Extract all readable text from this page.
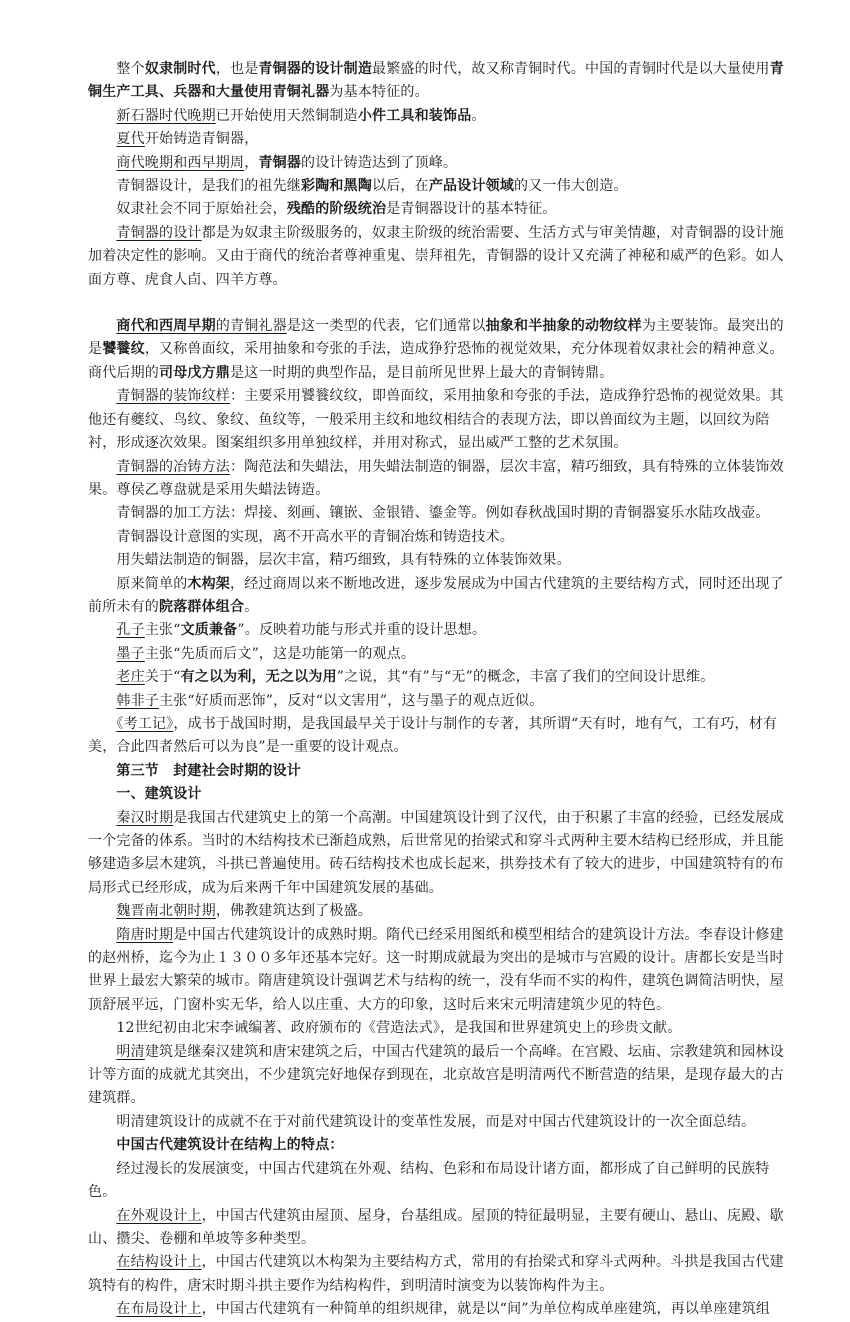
　　整个奴隶制时代，也是青铜器的设计制造最繁盛的时代，故又称青铜时代。中国的青铜时代是以大量使用青铜生产工具、兵器和大量使用青铜礼器为基本特征的。

　　新石器时代晚期已开始使用天然铜制造小件工具和装饰品。

　　夏代开始铸造青铜器，

　　商代晚期和西早期周，青铜器的设计铸造达到了顶峰。

　　青铜器设计，是我们的祖先继彩陶和黑陶以后，在产品设计领域的又一伟大创造。

　　奴隶社会不同于原始社会，残酷的阶级统治是青铜器设计的基本特征。

　　青铜器的设计都是为奴隶主阶级服务的，奴隶主阶级的统治需要、生活方式与审美情趣，对青铜器的设计施加着决定性的影响。又由于商代的统治者尊神重鬼、崇拜祖先，青铜器的设计又充满了神秘和威严的色彩。如人面方尊、虎食人卣、四羊方尊。

　　商代和西周早期的青铜礼器是这一类型的代表，它们通常以抽象和半抽象的动物纹样为主要装饰。最突出的是饕餮纹，又称兽面纹，采用抽象和夸张的手法，造成狰狞恐怖的视觉效果，充分体现着奴隶社会的精神意义。商代后期的司母戊方鼎是这一时期的典型作品，是目前所见世界上最大的青铜铸鼎。

　　青铜器的装饰纹样：主要采用饕餮纹纹，即兽面纹，采用抽象和夸张的手法，造成狰狞恐怖的视觉效果。其他还有夔纹、鸟纹、象纹、鱼纹等，一般采用主纹和地纹相结合的表现方法，即以兽面纹为主题，以回纹为陪衬，形成逐次效果。图案组织多用单独纹样，并用对称式，显出威严工整的艺术氛围。

　　青铜器的冶铸方法：陶范法和失蜡法，用失蜡法制造的铜器，层次丰富，精巧细致，具有特殊的立体装饰效果。尊侯乙尊盘就是采用失蜡法铸造。

　　青铜器的加工方法：焊接、刻画、镶嵌、金银错、鎏金等。例如春秋战国时期的青铜器宴乐水陆攻战壶。

　　青铜器设计意图的实现，离不开高水平的青铜冶炼和铸造技术。

　　用失蜡法制造的铜器，层次丰富，精巧细致，具有特殊的立体装饰效果。

　　原来简单的木构架，经过商周以来不断地改进，逐步发展成为中国古代建筑的主要结构方式，同时还出现了前所未有的院落群体组合。

　　孔子主张“文质兼备”。反映着功能与形式并重的设计思想。

　　墨子主张“先质而后文”，这是功能第一的观点。

　　老庄关于“有之以为利，无之以为用”之说，其“有”与“无”的概念，丰富了我们的空间设计思维。

　　韩非子主张“好质而恶饰”，反对“以文害用”，这与墨子的观点近似。

　　《考工记》，成书于战国时期，是我国最早关于设计与制作的专著，其所谓“天有时，地有气，工有巧，材有美，合此四者然后可以为良”是一重要的设计观点。

　　第三节　封建社会时期的设计

　　一、建筑设计

　　秦汉时期是我国古代建筑史上的第一个高潮。中国建筑设计到了汉代，由于积累了丰富的经验，已经发展成一个完备的体系。当时的木结构技术已渐趋成熟，后世常见的抬梁式和穿斗式两种主要木结构已经形成，并且能够建造多层木建筑，斗拱已普遍使用。砖石结构技术也成长起来，拱券技术有了较大的进步，中国建筑特有的布局形式已经形成，成为后来两千年中国建筑发展的基础。

　　魏晋南北朝时期，佛教建筑达到了极盛。

　　隋唐时期是中国古代建筑设计的成熟时期。隋代已经采用图纸和模型相结合的建筑设计方法。李春设计修建的赵州桥，迄今为止１３００多年还基本完好。这一时期成就最为突出的是城市与宫殿的设计。唐都长安是当时世界上最宏大繁荣的城市。隋唐建筑设计强调艺术与结构的统一，没有华而不实的构件，建筑色调简洁明快，屋顶舒展平远，门窗朴实无华，给人以庄重、大方的印象，这时后来宋元明清建筑少见的特色。

　　12世纪初由北宋李诫编著、政府颁布的《营造法式》，是我国和世界建筑史上的珍贵文献。

　　明清建筑是继秦汉建筑和唐宋建筑之后，中国古代建筑的最后一个高峰。在宫殿、坛庙、宗教建筑和园林设计等方面的成就尤其突出，不少建筑完好地保存到现在，北京故宫是明清两代不断营造的结果，是现存最大的古建筑群。

　　明清建筑设计的成就不在于对前代建筑设计的变革性发展，而是对中国古代建筑设计的一次全面总结。

　　中国古代建筑设计在结构上的特点：

　　经过漫长的发展演变，中国古代建筑在外观、结构、色彩和布局设计诸方面，都形成了自己鲜明的民族特色。

　　在外观设计上，中国古代建筑由屋顶、屋身，台基组成。屋顶的特征最明显，主要有硬山、悬山、庑殿、歇山、攒尖、卷棚和单坡等多种类型。

　　在结构设计上，中国古代建筑以木构架为主要结构方式，常用的有抬梁式和穿斗式两种。斗拱是我国古代建筑特有的构件，唐宋时期斗拱主要作为结构构件，到明清时演变为以装饰构件为主。

　　在布局设计上，中国古代建筑有一种简单的组织规律，就是以“间”为单位构成单座建筑，再以单座建筑组
